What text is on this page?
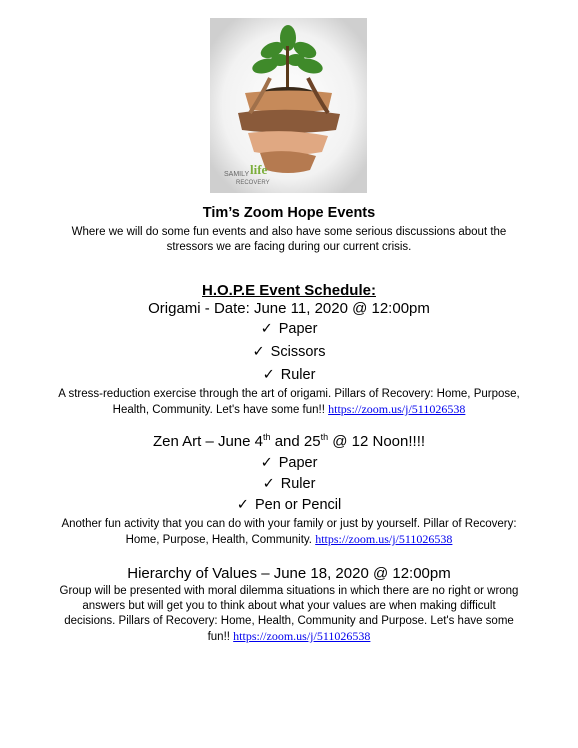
SAMILY life
RECOVERY
Tim’s Zoom Hope Events
Where we will do some fun events and also have some serious discussions about the stressors we are facing during our current crisis.
H.O.P.E Event Schedule:
Origami - Date: June 11, 2020 @ 12:00pm
✓ Paper
✓ Scissors
✓ Ruler
A stress-reduction exercise through the art of origami. Pillars of Recovery: Home, Purpose, Health, Community. Let's have some fun!! https://zoom.us/j/511026538
Zen Art – June 4th and 25th @ 12 Noon!!!!
✓ Paper
✓ Ruler
✓ Pen or Pencil
Another fun activity that you can do with your family or just by yourself. Pillar of Recovery: Home, Purpose, Health, Community. https://zoom.us/j/511026538
Hierarchy of Values – June 18, 2020 @ 12:00pm
Group will be presented with moral dilemma situations in which there are no right or wrong answers but will get you to think about what your values are when making difficult decisions. Pillars of Recovery: Home, Health, Community and Purpose. Let's have some fun!! https://zoom.us/j/511026538
